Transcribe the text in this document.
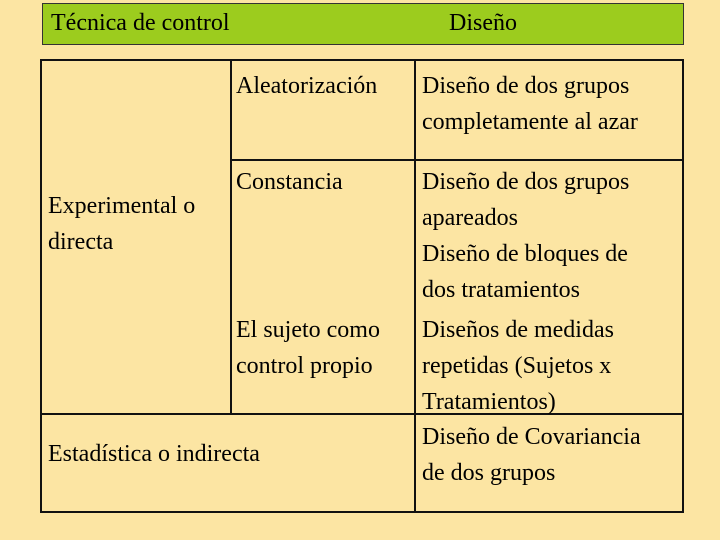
Técnica de control	Diseño
Experimental o
directa
Aleatorización Diseño de dos grupos
completamente al azar
Constancia	Diseño de dos grupos
apareados
Diseño de bloques de
dos tratamientos
El sujeto como
control propio
Diseños de medidas
repetidas (Sujetos x
Tratamientos)
Estadística o indirecta
Diseño de Covariancia
de dos grupos
